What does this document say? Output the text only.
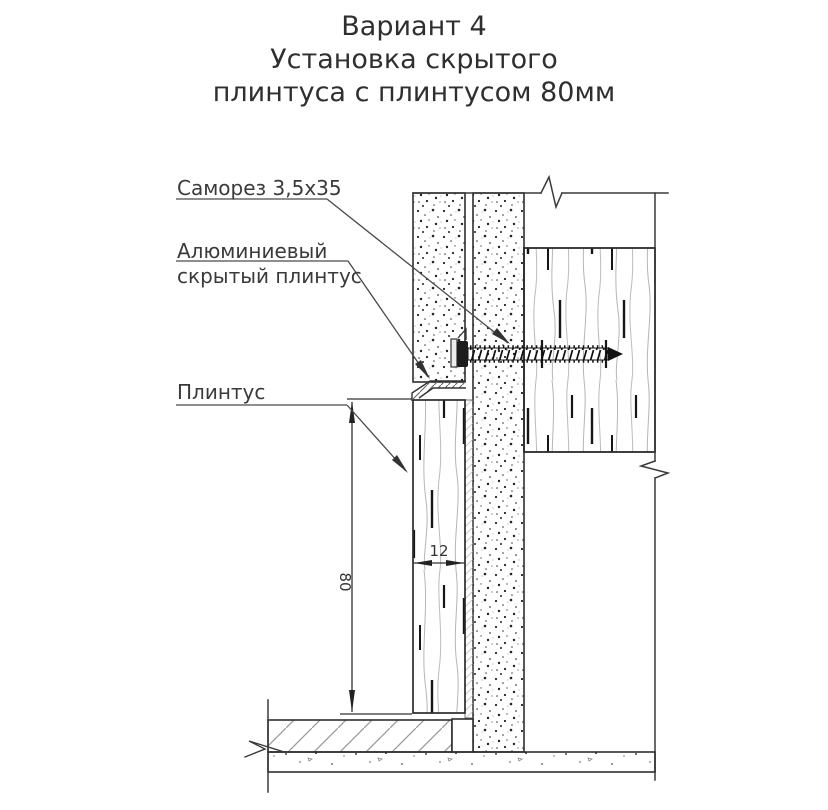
Вариант 4
Установка скрытого
плинтуса с плинтусом 80мм
Саморез 3,5х35
Алюминиевый
скрытый плинтус
Плинтус
80
12
